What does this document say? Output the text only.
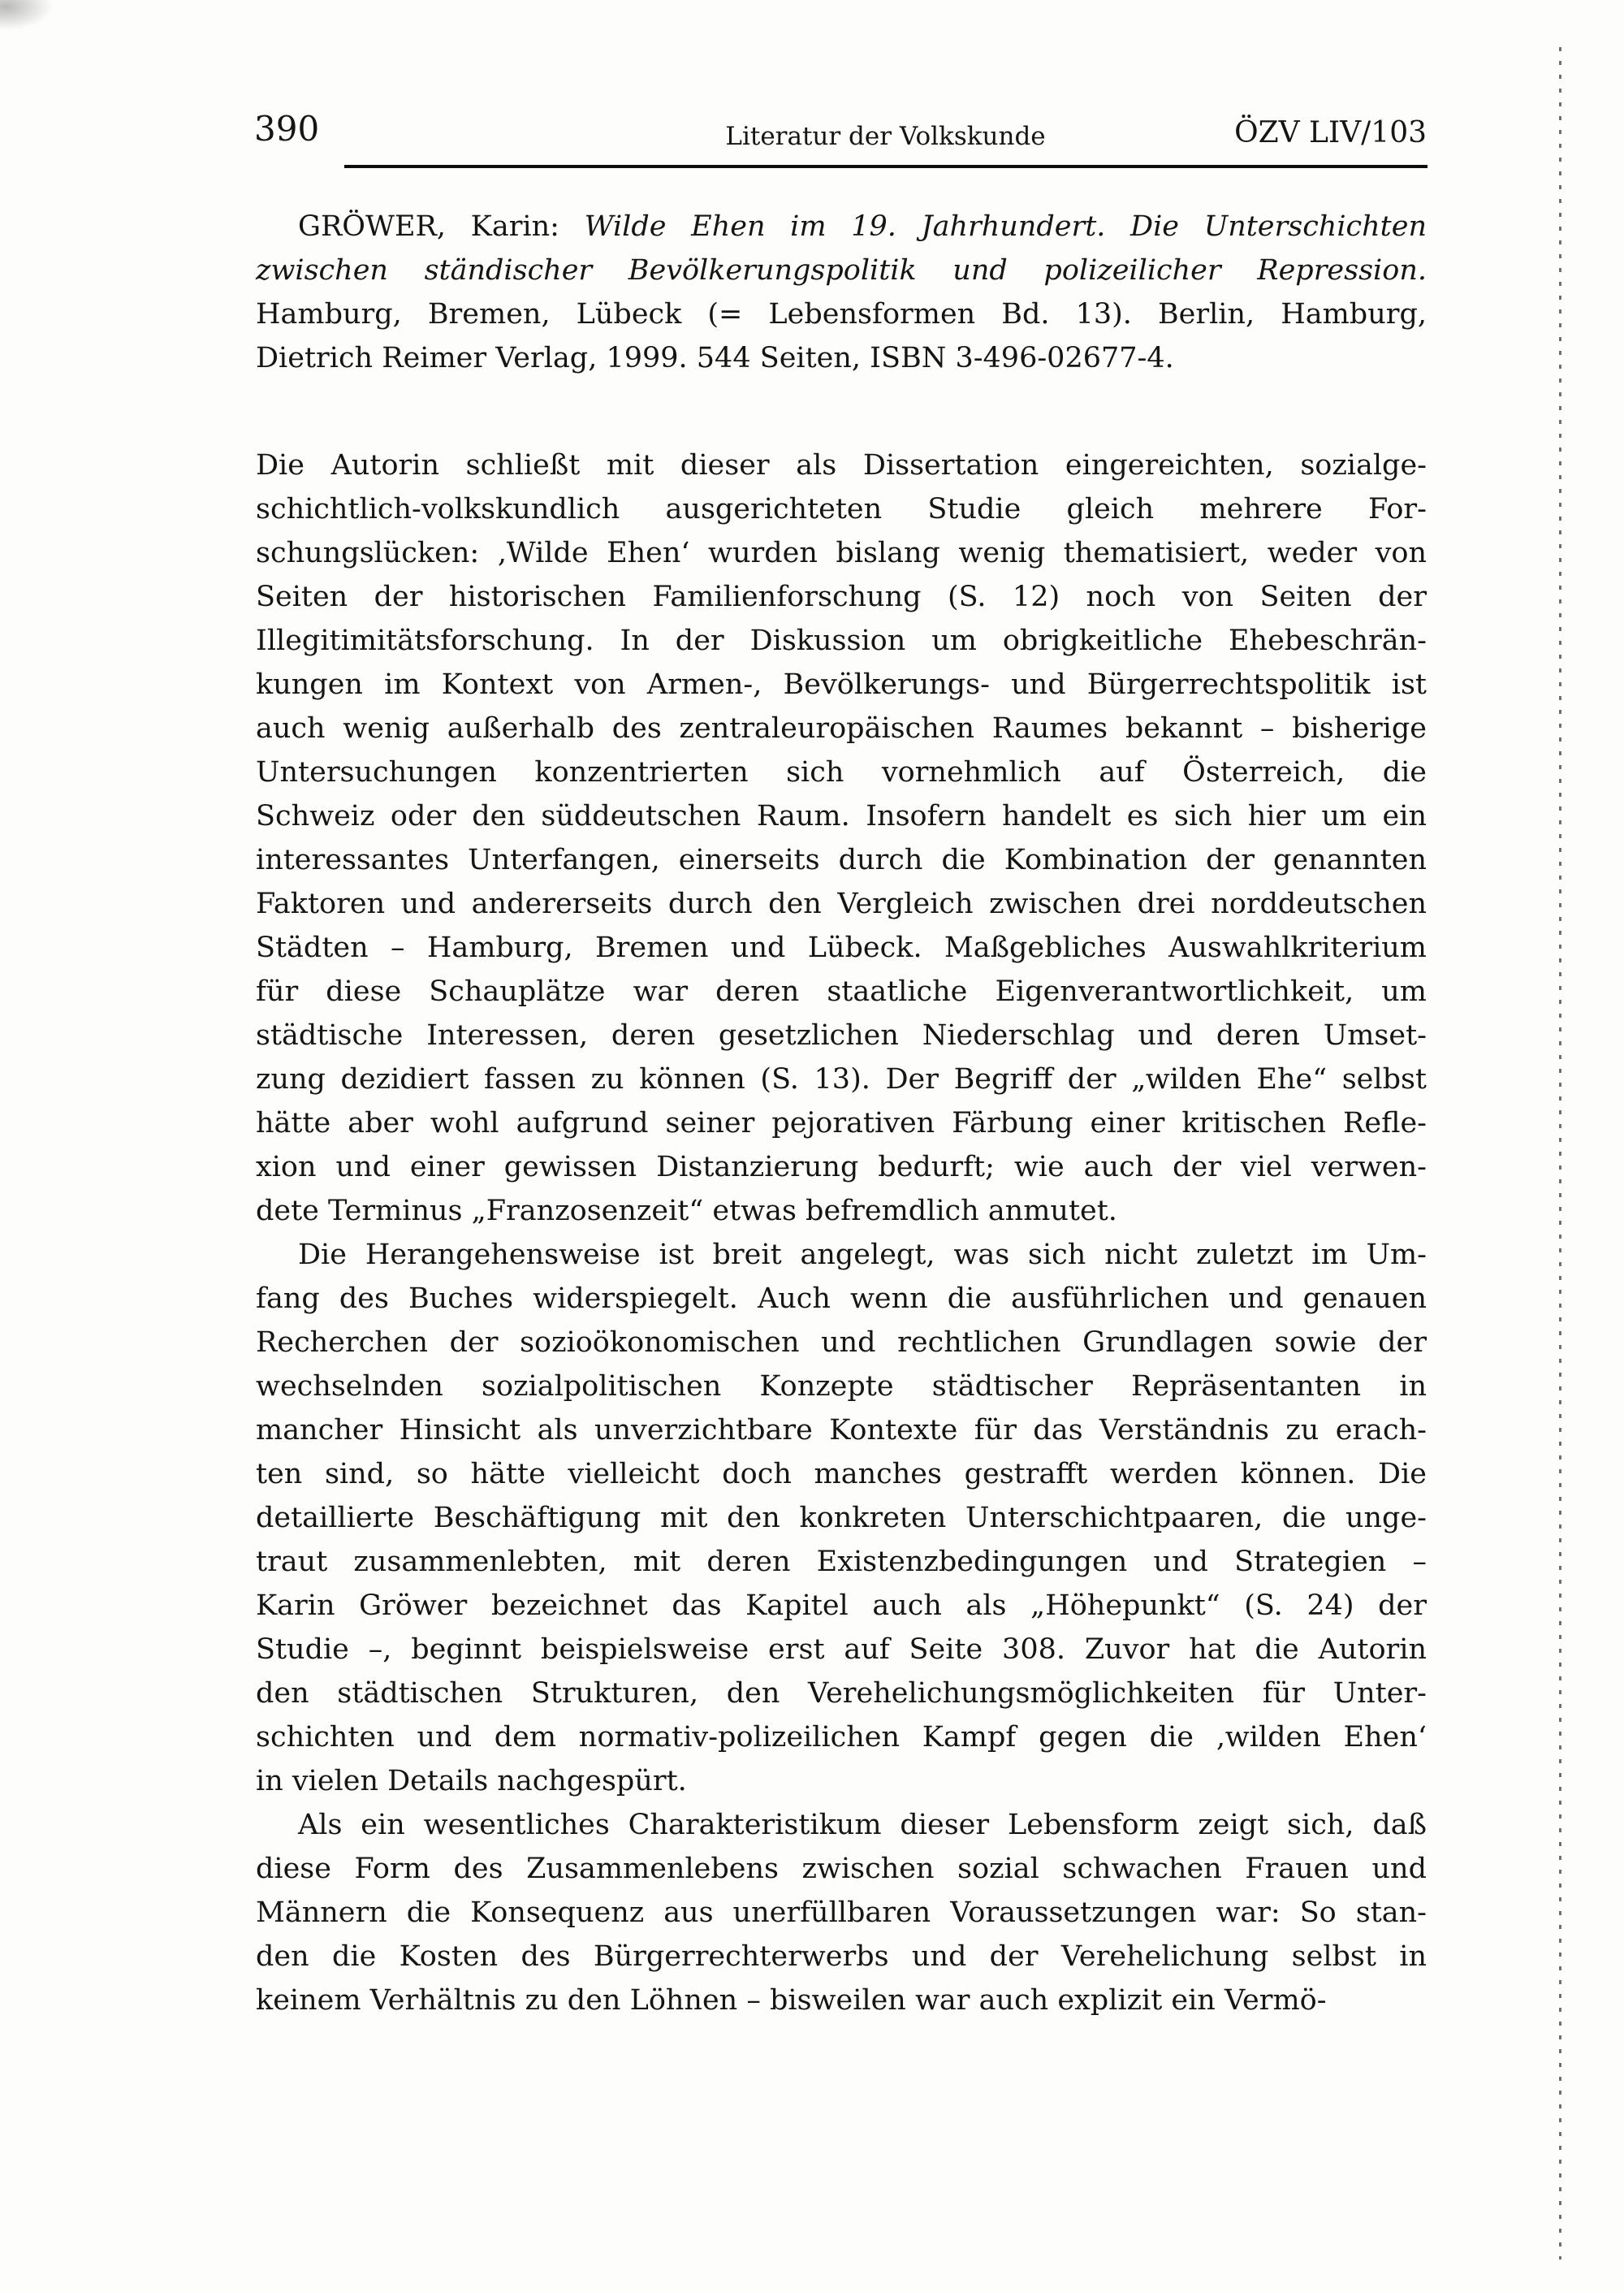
390	Literatur der Volkskunde	ÖZV LIV/103
GRÖWER, Karin: Wilde Ehen im 19. Jahrhundert. Die Unterschichten
zwischen ständischer Bevölkerungspolitik und polizeilicher Repression.
Hamburg, Bremen, Lübeck (= Lebensformen Bd. 13). Berlin, Hamburg,
Dietrich Reimer Verlag, 1999. 544 Seiten, ISBN 3-496-02677-4.
Die Autorin schließt mit dieser als Dissertation eingereichten, sozialge-
schichtlich-volkskundlich ausgerichteten Studie gleich mehrere For-
schungslücken: ‚Wilde Ehen‘ wurden bislang wenig thematisiert, weder von
Seiten der historischen Familienforschung (S. 12) noch von Seiten der
Illegitimitätsforschung. In der Diskussion um obrigkeitliche Ehebeschrän-
kungen im Kontext von Armen-, Bevölkerungs- und Bürgerrechtspolitik ist
auch wenig außerhalb des zentraleuropäischen Raumes bekannt – bisherige
Untersuchungen konzentrierten sich vornehmlich auf Österreich, die
Schweiz oder den süddeutschen Raum. Insofern handelt es sich hier um ein
interessantes Unterfangen, einerseits durch die Kombination der genannten
Faktoren und andererseits durch den Vergleich zwischen drei norddeutschen
Städten – Hamburg, Bremen und Lübeck. Maßgebliches Auswahlkriterium
für diese Schauplätze war deren staatliche Eigenverantwortlichkeit, um
städtische Interessen, deren gesetzlichen Niederschlag und deren Umset-
zung dezidiert fassen zu können (S. 13). Der Begriff der „wilden Ehe“ selbst
hätte aber wohl aufgrund seiner pejorativen Färbung einer kritischen Refle-
xion und einer gewissen Distanzierung bedurft; wie auch der viel verwen-
dete Terminus „Franzosenzeit“ etwas befremdlich anmutet.
Die Herangehensweise ist breit angelegt, was sich nicht zuletzt im Um-
fang des Buches widerspiegelt. Auch wenn die ausführlichen und genauen
Recherchen der sozioökonomischen und rechtlichen Grundlagen sowie der
wechselnden sozialpolitischen Konzepte städtischer Repräsentanten in
mancher Hinsicht als unverzichtbare Kontexte für das Verständnis zu erach-
ten sind, so hätte vielleicht doch manches gestrafft werden können. Die
detaillierte Beschäftigung mit den konkreten Unterschichtpaaren, die unge-
traut zusammenlebten, mit deren Existenzbedingungen und Strategien –
Karin Gröwer bezeichnet das Kapitel auch als „Höhepunkt“ (S. 24) der
Studie –, beginnt beispielsweise erst auf Seite 308. Zuvor hat die Autorin
den städtischen Strukturen, den Verehelichungsmöglichkeiten für Unter-
schichten und dem normativ-polizeilichen Kampf gegen die ‚wilden Ehen‘
in vielen Details nachgespürt.
Als ein wesentliches Charakteristikum dieser Lebensform zeigt sich, daß
diese Form des Zusammenlebens zwischen sozial schwachen Frauen und
Männern die Konsequenz aus unerfüllbaren Voraussetzungen war: So stan-
den die Kosten des Bürgerrechterwerbs und der Verehelichung selbst in
keinem Verhältnis zu den Löhnen – bisweilen war auch explizit ein Vermö-
